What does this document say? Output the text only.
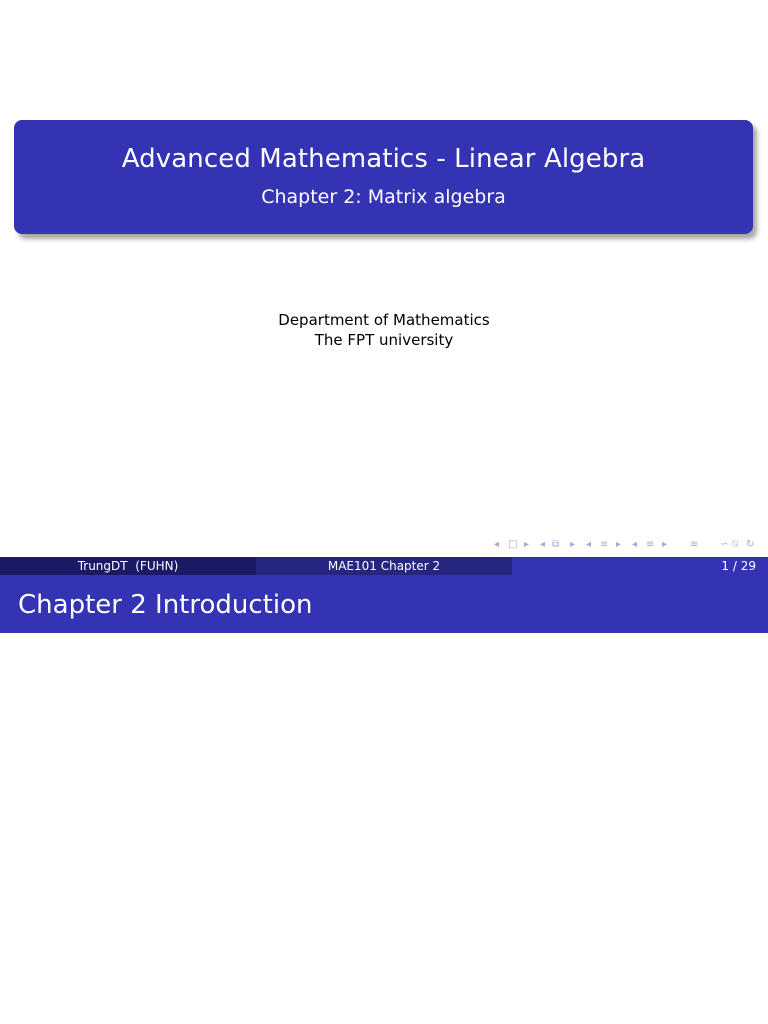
Advanced Mathematics - Linear Algebra
Chapter 2: Matrix algebra
Department of Mathematics
The FPT university
◂ □ ▸ ◂ ⧉ ▸ ◂ ≡ ▸ ◂ ≡ ▸ ≡ ∽ ⍉ ↻
TrungDT  (FUHN)	MAE101 Chapter 2	1 / 29
Chapter 2 Introduction
